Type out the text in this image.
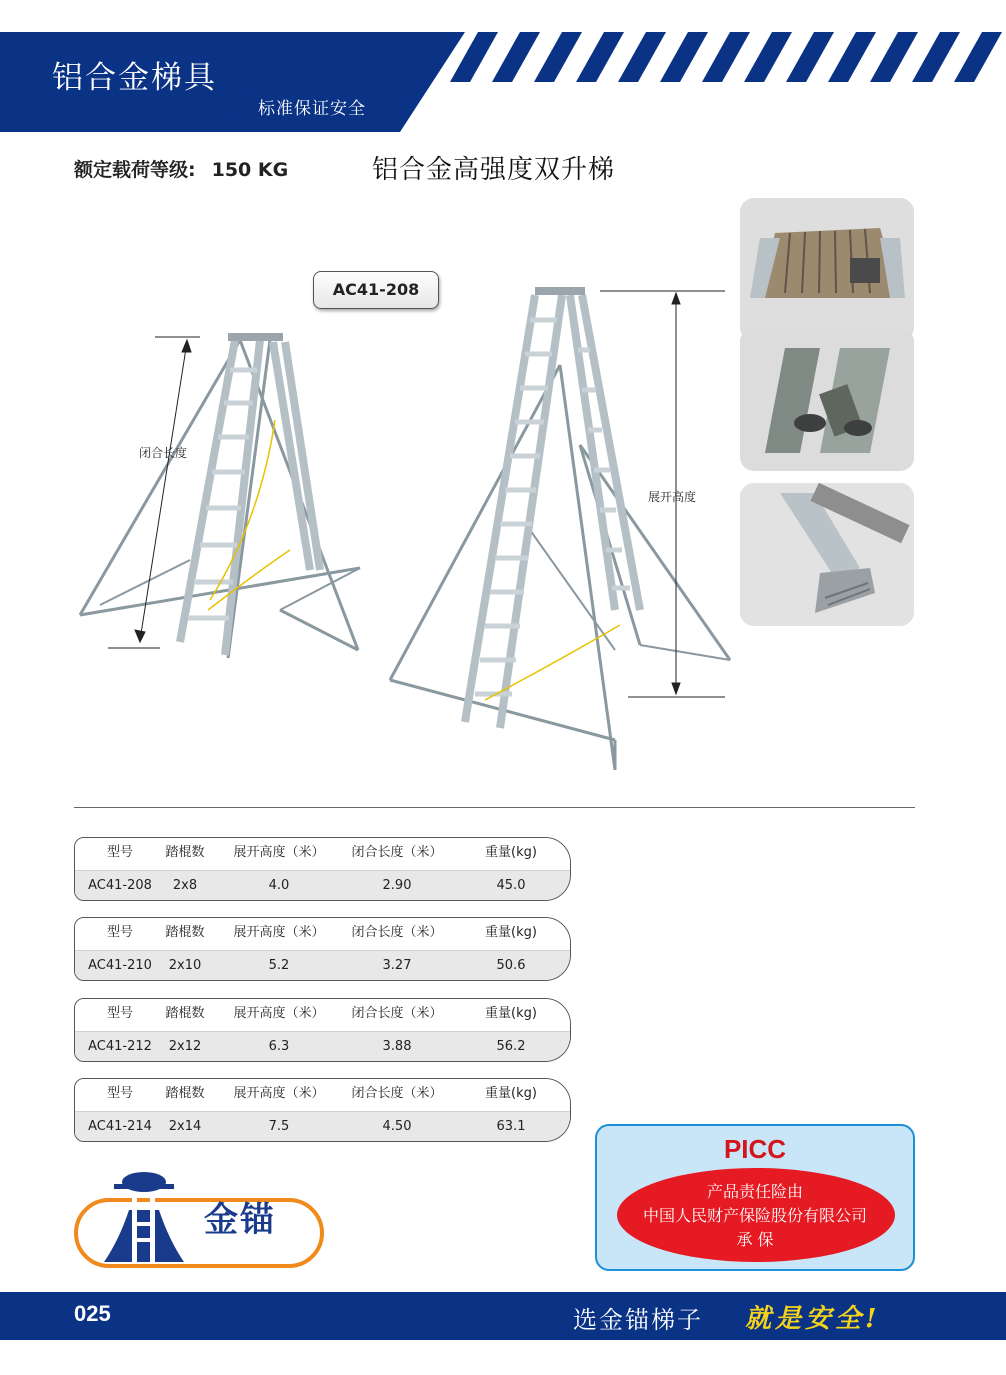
铝合金梯具
标准保证安全
额定载荷等级: 150 KG	铝合金高强度双升梯
AC41-208
闭合长度
展开高度
型号	踏棍数	展开高度（米）	闭合长度（米）	重量(kg)
AC41-208	2x8	4.0	2.90	45.0
型号	踏棍数	展开高度（米）	闭合长度（米）	重量(kg)
AC41-210	2x10	5.2	3.27	50.6
型号	踏棍数	展开高度（米）	闭合长度（米）	重量(kg)
AC41-212	2x12	6.3	3.88	56.2
型号	踏棍数	展开高度（米）	闭合长度（米）	重量(kg)
AC41-214	2x14	7.5	4.50	63.1
金锚
PICC
产品责任险由
中国人民财产保险股份有限公司
承 保
025	选金锚梯子 就是安全!
